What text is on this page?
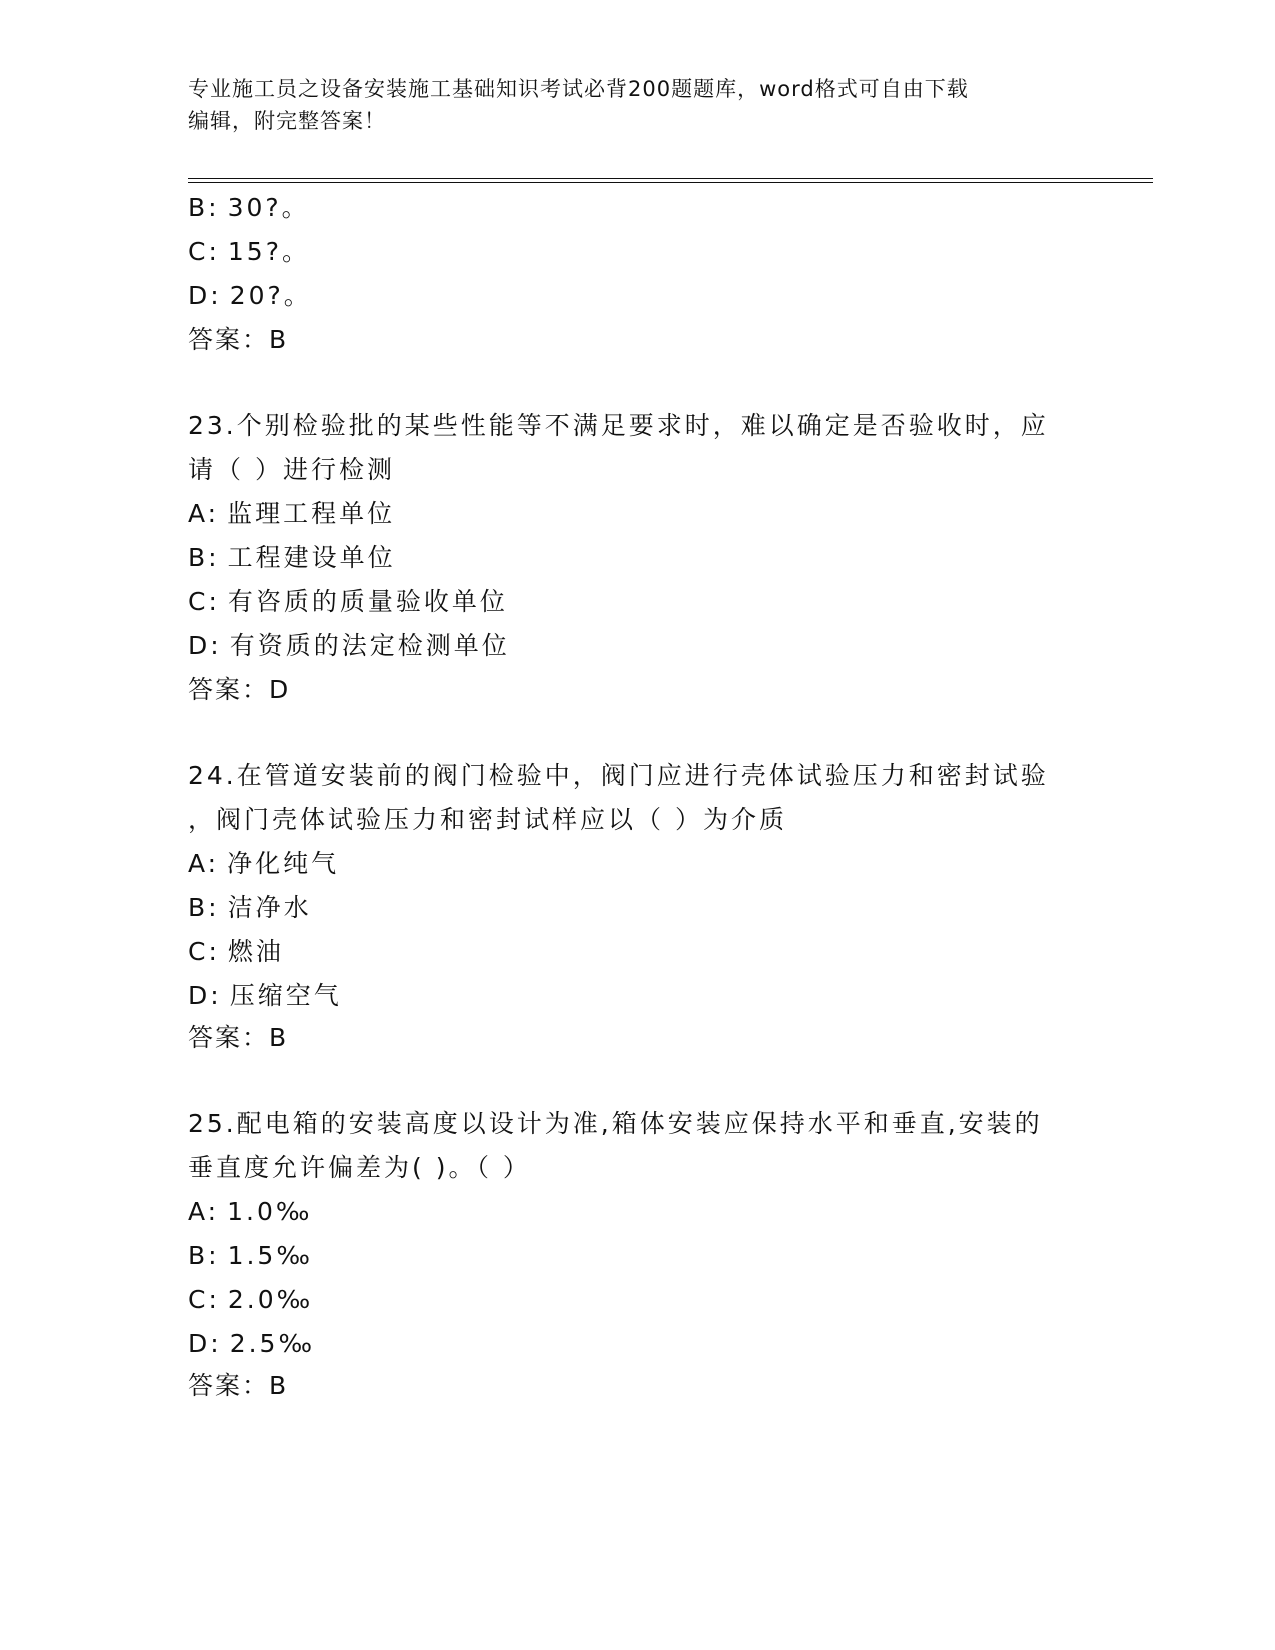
专业施工员之设备安装施工基础知识考试必背200题题库，word格式可自由下载
编辑，附完整答案！
B: 30?。
C: 15?。
D: 20?。
答案：B
23.个别检验批的某些性能等不满足要求时，难以确定是否验收时，应
请（ ）进行检测
A: 监理工程单位
B: 工程建设单位
C: 有咨质的质量验收单位
D: 有资质的法定检测单位
答案：D
24.在管道安装前的阀门检验中，阀门应进行壳体试验压力和密封试验
，阀门壳体试验压力和密封试样应以（ ）为介质
A: 净化纯气
B: 洁净水
C: 燃油
D: 压缩空气
答案：B
25.配电箱的安装高度以设计为准,箱体安装应保持水平和垂直,安装的
垂直度允许偏差为( )。（ ）
A: 1.0‰
B: 1.5‰
C: 2.0‰
D: 2.5‰
答案：B
